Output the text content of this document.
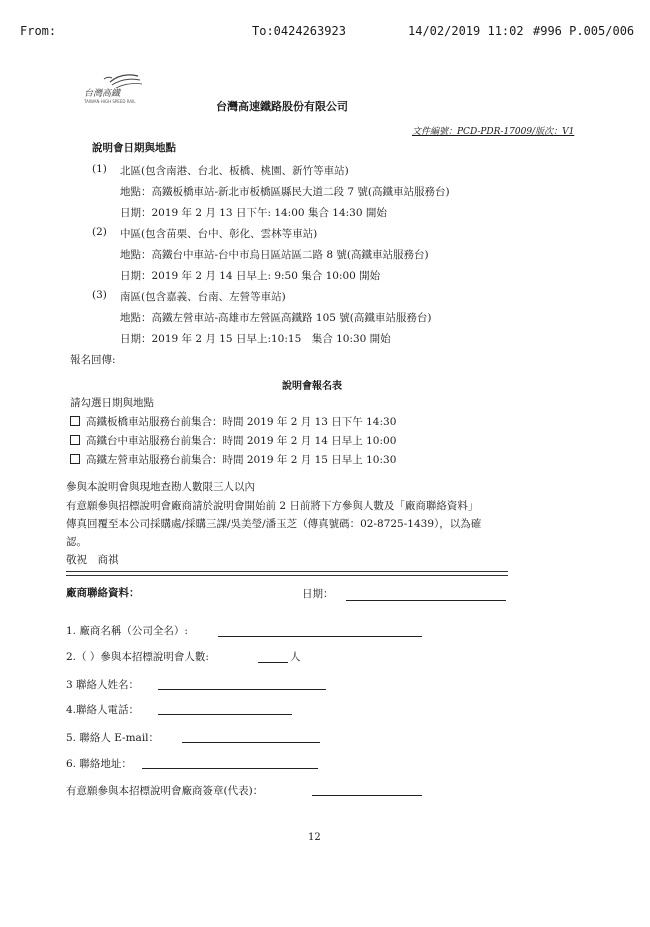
From:	To:0424263923	14/02/2019 11:02 #996 P.005/006
台灣高鐵
TAIWAN HIGH SPEED RAIL	台灣高速鐵路股份有限公司
文件編號：PCD-PDR-17009/版次：V1
說明會日期與地點
(1) 北區(包含南港、台北、板橋、桃園、新竹等車站)
地點：高鐵板橋車站-新北市板橋區縣民大道二段 7 號(高鐵車站服務台)
日期：2019 年 2 月 13 日下午: 14:00 集合 14:30 開始
(2) 中區(包含苗栗、台中、彰化、雲林等車站)
地點：高鐵台中車站-台中市烏日區站區二路 8 號(高鐵車站服務台)
日期：2019 年 2 月 14 日早上: 9:50 集合 10:00 開始
(3) 南區(包含嘉義、台南、左營等車站)
地點：高鐵左營車站-高雄市左營區高鐵路 105 號(高鐵車站服務台)
日期：2019 年 2 月 15 日早上:10:15　集合 10:30 開始
報名回傳:
說明會報名表
請勾選日期與地點
高鐵板橋車站服務台前集合：時間 2019 年 2 月 13 日下午 14:30
高鐵台中車站服務台前集合：時間 2019 年 2 月 14 日早上 10:00
高鐵左營車站服務台前集合：時間 2019 年 2 月 15 日早上 10:30
參與本說明會與現地查勘人數限三人以內
有意願參與招標說明會廠商請於說明會開始前 2 日前將下方參與人數及「廠商聯絡資料」
傳真回覆至本公司採購處/採購三課/吳美瑩/潘玉芝（傳真號碼：02-8725-1439），以為確
認。
敬祝　商祺
廠商聯絡資料：	日期：
1. 廠商名稱（公司全名）:
2.（ ）參與本招標說明會人數:	人
3 聯絡人姓名：
4.聯絡人電話：
5. 聯絡人 E-mail：
6. 聯絡地址：
有意願參與本招標說明會廠商簽章(代表)：
12
